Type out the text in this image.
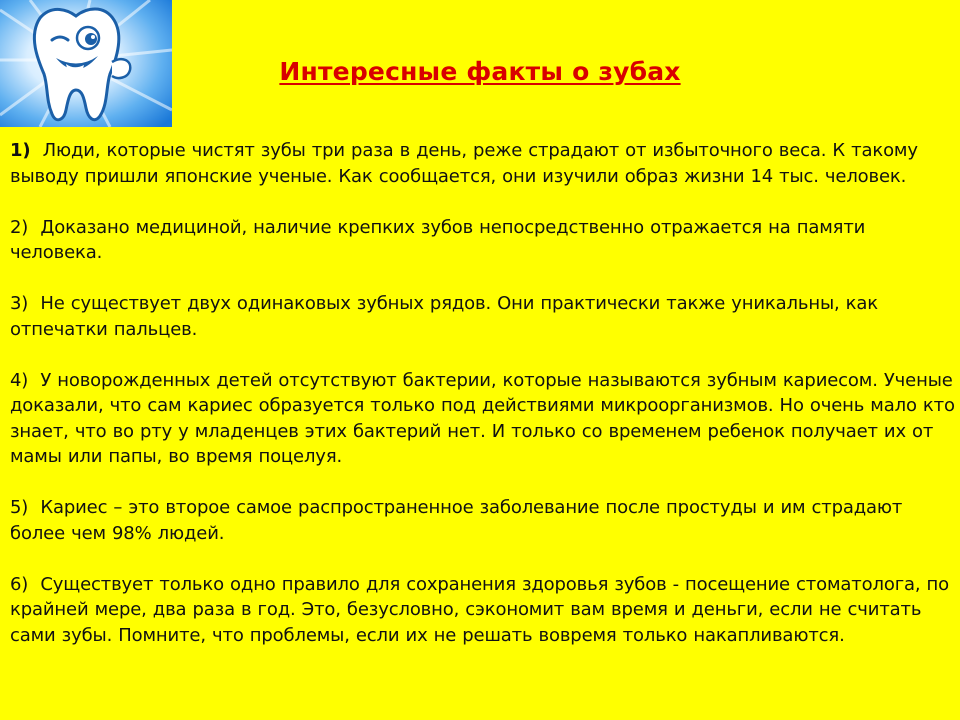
Интересные факты о зубах
1) Люди, которые чистят зубы три раза в день, реже страдают от избыточного веса. К такому выводу пришли японские ученые. Как сообщается, они изучили образ жизни 14 тыс. человек.
2) Доказано медициной, наличие крепких зубов непосредственно отражается на памяти человека.
3) Не существует двух одинаковых зубных рядов. Они практически также уникальны, как отпечатки пальцев.
4) У новорожденных детей отсутствуют бактерии, которые называются зубным кариесом. Ученые доказали, что сам кариес образуется только под действиями микроорганизмов. Но очень мало кто знает, что во рту у младенцев этих бактерий нет. И только со временем ребенок получает их от мамы или папы, во время поцелуя.
5) Кариес – это второе самое распространенное заболевание после простуды и им страдают более чем 98% людей.
6) Существует только одно правило для сохранения здоровья зубов - посещение стоматолога, по крайней мере, два раза в год. Это, безусловно, сэкономит вам время и деньги, если не считать сами зубы. Помните, что проблемы, если их не решать вовремя только накапливаются.
